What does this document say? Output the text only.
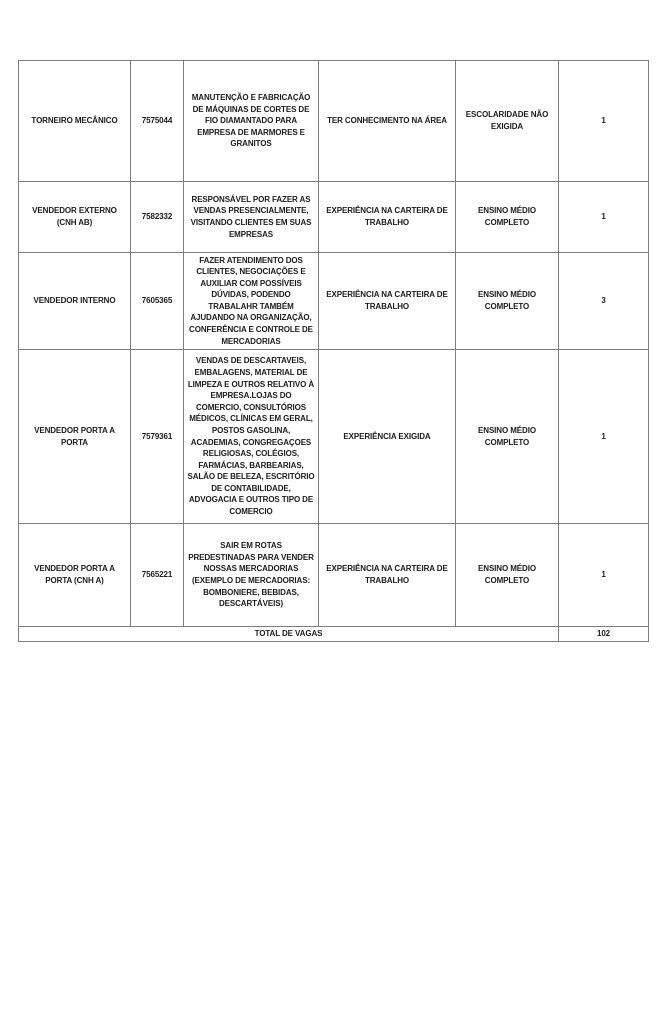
TORNEIRO MECÂNICO	7575044	MANUTENÇÃO E FABRICAÇÃO DE MÁQUINAS DE CORTES DE FIO DIAMANTADO PARA EMPRESA DE MARMORES E GRANITOS	TER CONHECIMENTO NA ÁREA	ESCOLARIDADE NÃO EXIGIDA	1

VENDEDOR EXTERNO (CNH AB)	7582332	RESPONSÁVEL POR FAZER AS VENDAS PRESENCIALMENTE, VISITANDO CLIENTES EM SUAS EMPRESAS	EXPERIÊNCIA NA CARTEIRA DE TRABALHO	ENSINO MÉDIO COMPLETO	1

VENDEDOR INTERNO	7605365	FAZER ATENDIMENTO DOS CLIENTES, NEGOCIAÇÕES E AUXILIAR COM POSSÍVEIS DÚVIDAS, PODENDO TRABALAHR TAMBÉM AJUDANDO NA ORGANIZAÇÃO, CONFERÊNCIA E CONTROLE DE MERCADORIAS	EXPERIÊNCIA NA CARTEIRA DE TRABALHO	ENSINO MÉDIO COMPLETO	3

VENDEDOR PORTA A PORTA	7579361	VENDAS DE DESCARTAVEIS, EMBALAGENS, MATERIAL DE LIMPEZA E OUTROS RELATIVO À EMPRESA.LOJAS DO COMERCIO, CONSULTÓRIOS MÉDICOS, CLÍNICAS EM GERAL, POSTOS GASOLINA, ACADEMIAS, CONGREGAÇOES RELIGIOSAS, COLÉGIOS, FARMÁCIAS, BARBEARIAS, SALÃO DE BELEZA, ESCRITÓRIO DE CONTABILIDADE, ADVOGACIA E OUTROS TIPO DE COMERCIO	EXPERIÊNCIA EXIGIDA	ENSINO MÉDIO COMPLETO	1

VENDEDOR PORTA A PORTA (CNH A)	7565221	SAIR EM ROTAS PREDESTINADAS PARA VENDER NOSSAS MERCADORIAS (EXEMPLO DE MERCADORIAS: BOMBONIERE, BEBIDAS, DESCARTÁVEIS)	EXPERIÊNCIA NA CARTEIRA DE TRABALHO	ENSINO MÉDIO COMPLETO	1

TOTAL DE VAGAS					102
